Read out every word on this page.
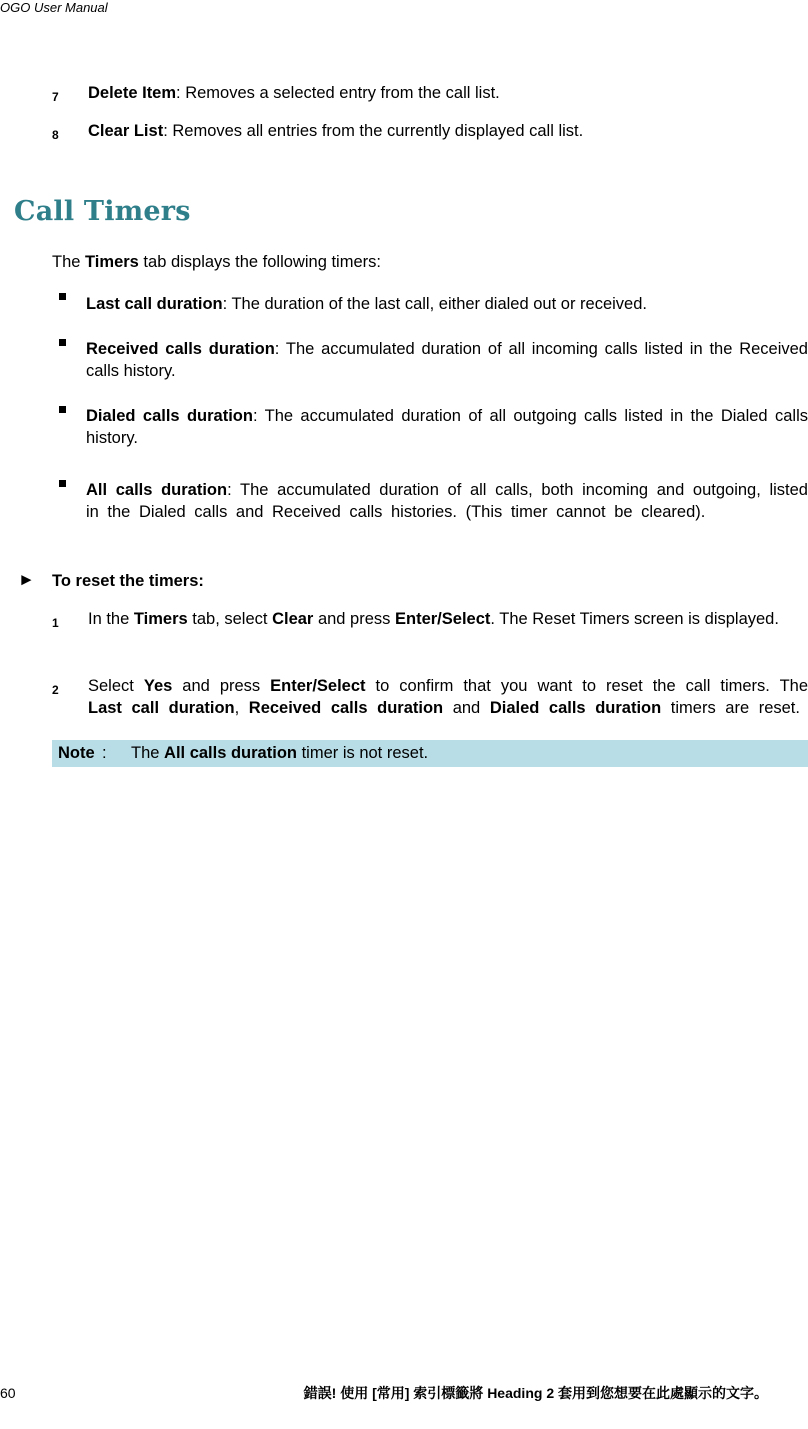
OGO User Manual
7 Delete Item: Removes a selected entry from the call list.
8 Clear List: Removes all entries from the currently displayed call list.
Call Timers
The Timers tab displays the following timers:
Last call duration: The duration of the last call, either dialed out or received.
Received calls duration: The accumulated duration of all incoming calls listed in the Received calls history.
Dialed calls duration: The accumulated duration of all outgoing calls listed in the Dialed calls history.
All calls duration: The accumulated duration of all calls, both incoming and outgoing, listed in the Dialed calls and Received calls histories. (This timer cannot be cleared).
► To reset the timers:
1 In the Timers tab, select Clear and press Enter/Select. The Reset Timers screen is displayed.
2 Select Yes and press Enter/Select to confirm that you want to reset the call timers. The Last call duration, Received calls duration and Dialed calls duration timers are reset.
Note : The All calls duration timer is not reset.
60	錯誤! 使用 [常用] 索引標籤將 Heading 2 套用到您想要在此處顯示的文字。
